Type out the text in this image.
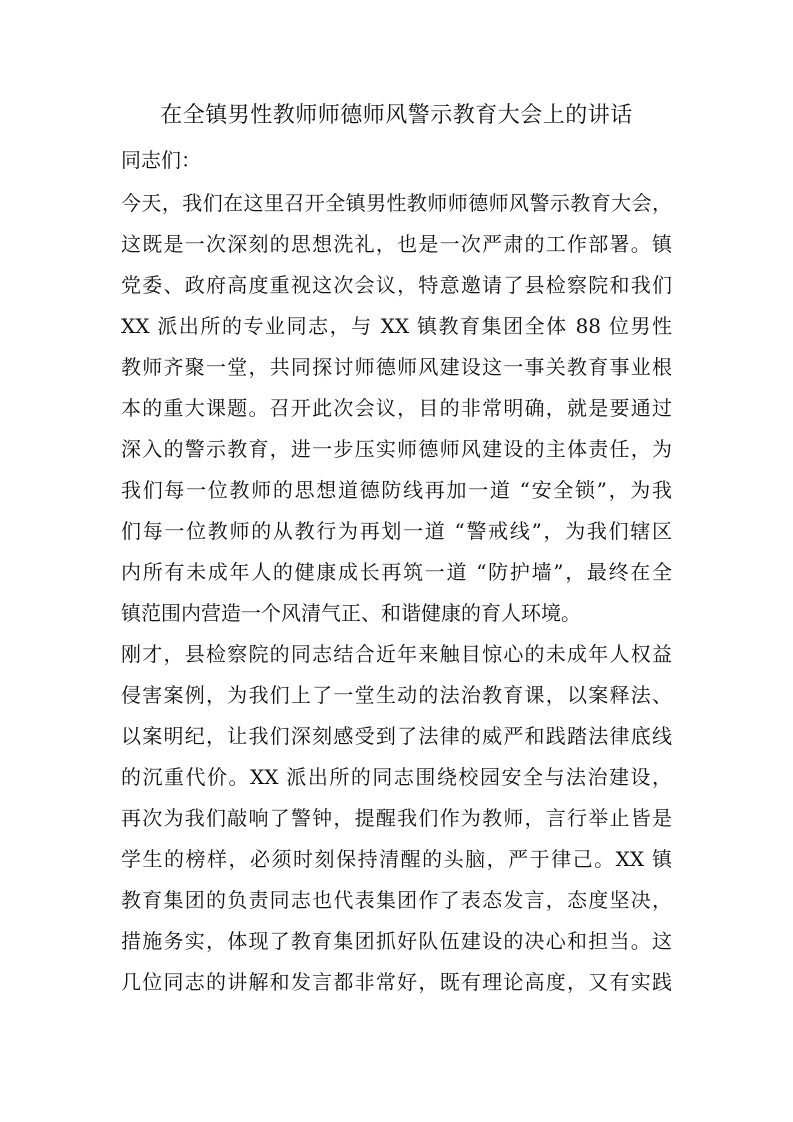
在全镇男性教师师德师风警示教育大会上的讲话

同志们：

今天，我们在这里召开全镇男性教师师德师风警示教育大会，

这既是一次深刻的思想洗礼，也是一次严肃的工作部署。镇

党委、政府高度重视这次会议，特意邀请了县检察院和我们

XX 派出所的专业同志，与 XX 镇教育集团全体 88 位男性

教师齐聚一堂，共同探讨师德师风建设这一事关教育事业根

本的重大课题。召开此次会议，目的非常明确，就是要通过

深入的警示教育，进一步压实师德师风建设的主体责任，为

我们每一位教师的思想道德防线再加一道 “安全锁”，为我

们每一位教师的从教行为再划一道 “警戒线”，为我们辖区

内所有未成年人的健康成长再筑一道 “防护墙”，最终在全

镇范围内营造一个风清气正、和谐健康的育人环境。

刚才，县检察院的同志结合近年来触目惊心的未成年人权益

侵害案例，为我们上了一堂生动的法治教育课，以案释法、

以案明纪，让我们深刻感受到了法律的威严和践踏法律底线

的沉重代价。XX 派出所的同志围绕校园安全与法治建设，

再次为我们敲响了警钟，提醒我们作为教师，言行举止皆是

学生的榜样，必须时刻保持清醒的头脑，严于律己。XX 镇

教育集团的负责同志也代表集团作了表态发言，态度坚决，

措施务实，体现了教育集团抓好队伍建设的决心和担当。这

几位同志的讲解和发言都非常好，既有理论高度，又有实践
